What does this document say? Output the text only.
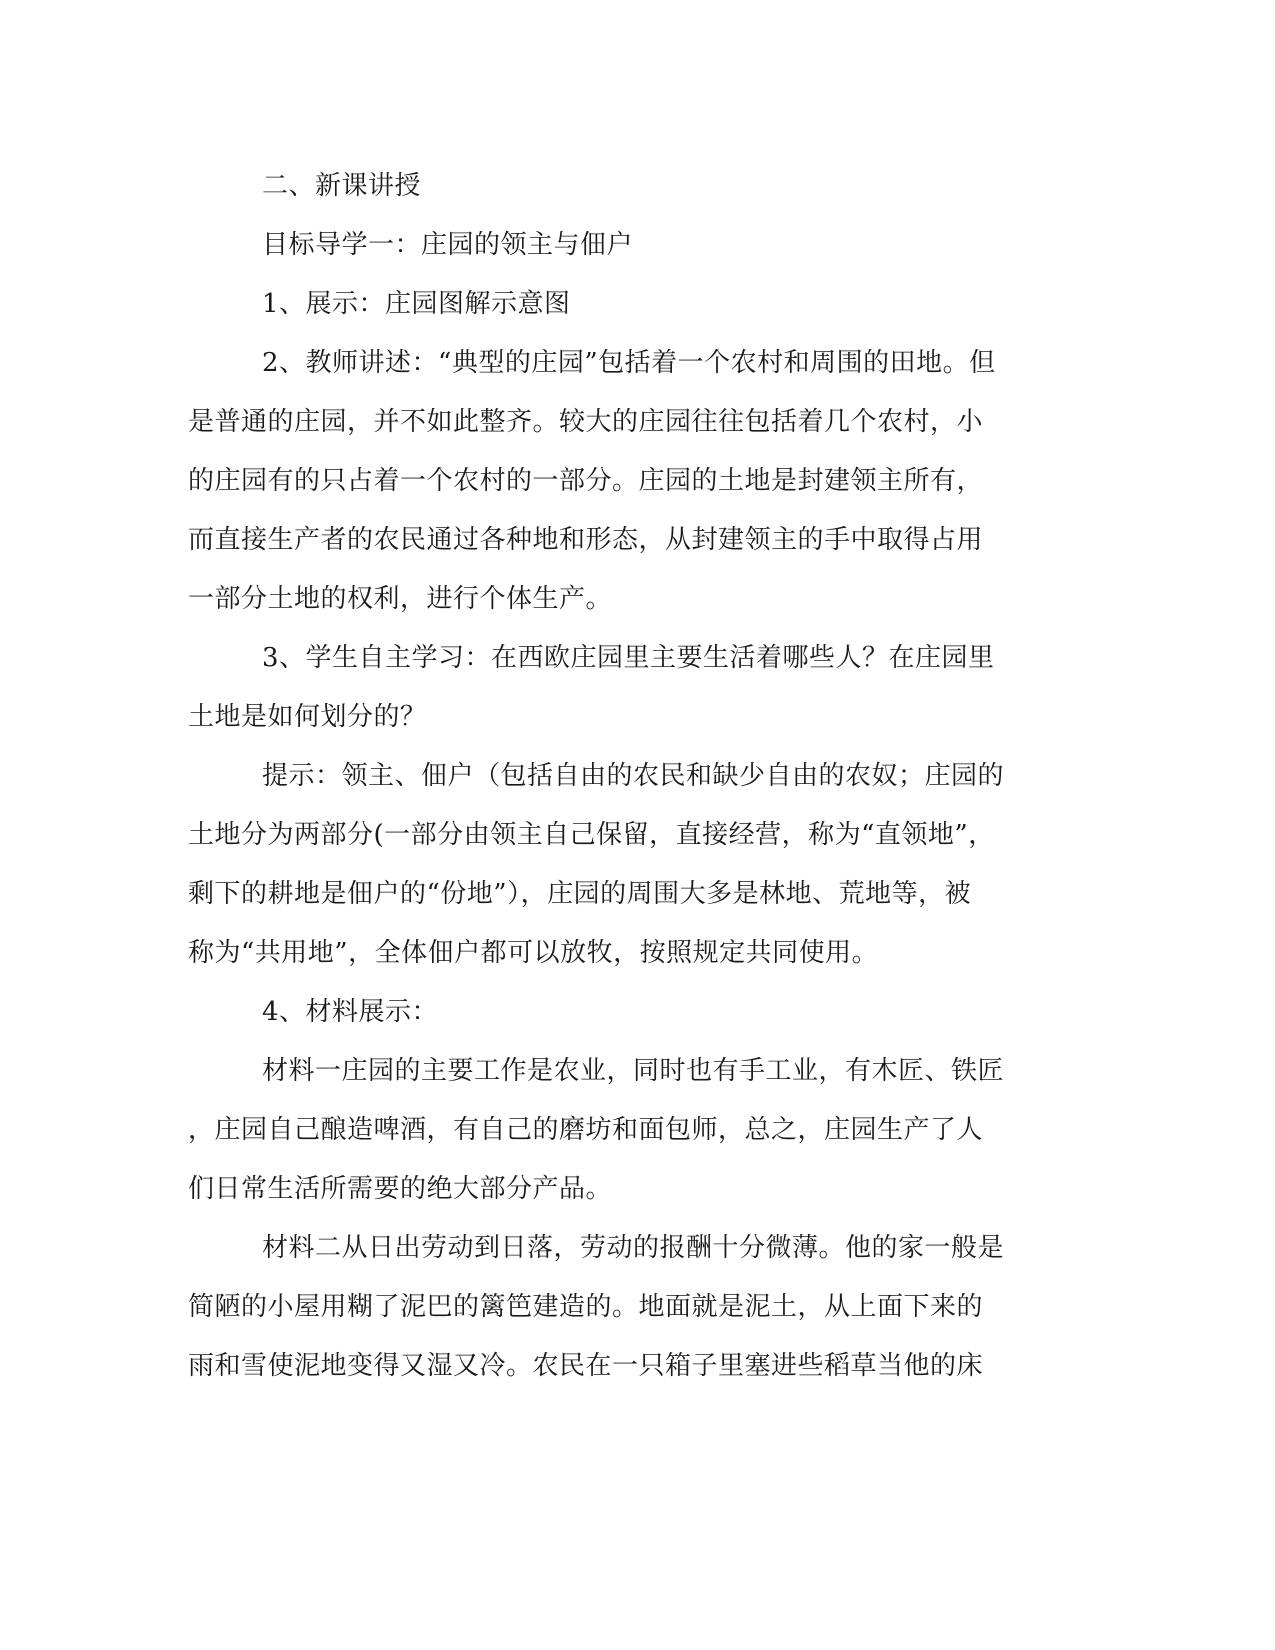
二、新课讲授
目标导学一：庄园的领主与佃户
1、展示：庄园图解示意图
2、教师讲述：“典型的庄园”包括着一个农村和周围的田地。但
是普通的庄园，并不如此整齐。较大的庄园往往包括着几个农村，小
的庄园有的只占着一个农村的一部分。庄园的土地是封建领主所有，
而直接生产者的农民通过各种地和形态，从封建领主的手中取得占用
一部分土地的权利，进行个体生产。
3、学生自主学习：在西欧庄园里主要生活着哪些人？在庄园里
土地是如何划分的？
提示：领主、佃户（包括自由的农民和缺少自由的农奴；庄园的
土地分为两部分(一部分由领主自己保留，直接经营，称为“直领地”，
剩下的耕地是佃户的“份地”），庄园的周围大多是林地、荒地等，被
称为“共用地”，全体佃户都可以放牧，按照规定共同使用。
4、材料展示：
材料一庄园的主要工作是农业，同时也有手工业，有木匠、铁匠
，庄园自己酿造啤酒，有自己的磨坊和面包师，总之，庄园生产了人
们日常生活所需要的绝大部分产品。
材料二从日出劳动到日落，劳动的报酬十分微薄。他的家一般是
简陋的小屋用糊了泥巴的篱笆建造的。地面就是泥土，从上面下来的
雨和雪使泥地变得又湿又冷。农民在一只箱子里塞进些稻草当他的床
